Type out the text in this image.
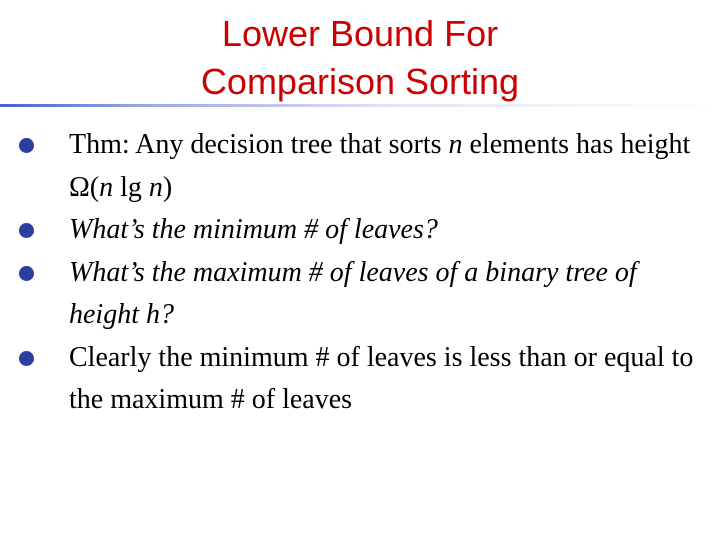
Lower Bound For
Comparison Sorting
Thm: Any decision tree that sorts n elements has height Ω(n lg n)
What’s the minimum # of leaves?
What’s the maximum # of leaves of a binary tree of height h?
Clearly the minimum # of leaves is less than or equal to the maximum # of leaves
